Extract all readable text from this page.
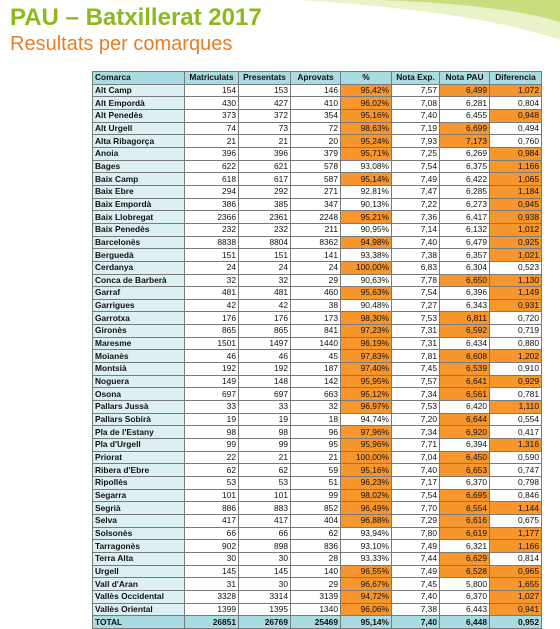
PAU – Batxillerat 2017
Resultats per comarques
Comarca	Matriculats	Presentats	Aprovats	%	Nota Exp.	Nota PAU	Diferencia
Alt Camp	154	153	146	95,42%	7,57	6,499	1,072
Alt Empordà	430	427	410	96,02%	7,08	6,281	0,804
Alt Penedès	373	372	354	95,16%	7,40	6,455	0,948
Alt Urgell	74	73	72	98,63%	7,19	6,699	0,494
Alta Ribagorça	21	21	20	95,24%	7,93	7,173	0,760
Anoia	396	396	379	95,71%	7,25	6,269	0,984
Bages	622	621	578	93,08%	7,54	6,375	1,166
Baix Camp	618	617	587	95,14%	7,49	6,422	1,065
Baix Ebre	294	292	271	92,81%	7,47	6,285	1,184
Baix Empordà	386	385	347	90,13%	7,22	6,273	0,945
Baix Llobregat	2366	2361	2248	95,21%	7,36	6,417	0,938
Baix Penedès	232	232	211	90,95%	7,14	6,132	1,012
Barcelonès	8838	8804	8362	94,98%	7,40	6,479	0,925
Berguedà	151	151	141	93,38%	7,38	6,357	1,021
Cerdanya	24	24	24	100,00%	6,83	6,304	0,523
Conca de Barberà	32	32	29	90,63%	7,78	6,650	1,130
Garraf	481	481	460	95,63%	7,54	6,396	1,149
Garrigues	42	42	38	90,48%	7,27	6,343	0,931
Garrotxa	176	176	173	98,30%	7,53	6,811	0,720
Gironès	865	865	841	97,23%	7,31	6,592	0,719
Maresme	1501	1497	1440	96,19%	7,31	6,434	0,880
Moianès	46	46	45	97,83%	7,81	6,608	1,202
Montsià	192	192	187	97,40%	7,45	6,539	0,910
Noguera	149	148	142	95,95%	7,57	6,641	0,929
Osona	697	697	663	95,12%	7,34	6,561	0,781
Pallars Jussà	33	33	32	96,97%	7,53	6,420	1,110
Pallars Sobirà	19	19	18	94,74%	7,20	6,644	0,554
Pla de l'Estany	98	98	96	97,96%	7,34	6,920	0,417
Pla d'Urgell	99	99	95	95,96%	7,71	6,394	1,316
Priorat	22	21	21	100,00%	7,04	6,450	0,590
Ribera d'Ebre	62	62	59	95,16%	7,40	6,653	0,747
Ripollès	53	53	51	96,23%	7,17	6,370	0,798
Segarra	101	101	99	98,02%	7,54	6,695	0,846
Segrià	886	883	852	96,49%	7,70	6,554	1,144
Selva	417	417	404	96,88%	7,29	6,616	0,675
Solsonès	66	66	62	93,94%	7,80	6,619	1,177
Tarragonès	902	898	836	93,10%	7,49	6,321	1,166
Terra Alta	30	30	28	93,33%	7,44	6,629	0,814
Urgell	145	145	140	96,55%	7,49	6,528	0,965
Vall d'Aran	31	30	29	96,67%	7,45	5,800	1,655
Vallès Occidental	3328	3314	3139	94,72%	7,40	6,370	1,027
Vallès Oriental	1399	1395	1340	96,06%	7,38	6,443	0,941
TOTAL	26851	26769	25469	95,14%	7,40	6,448	0,952
